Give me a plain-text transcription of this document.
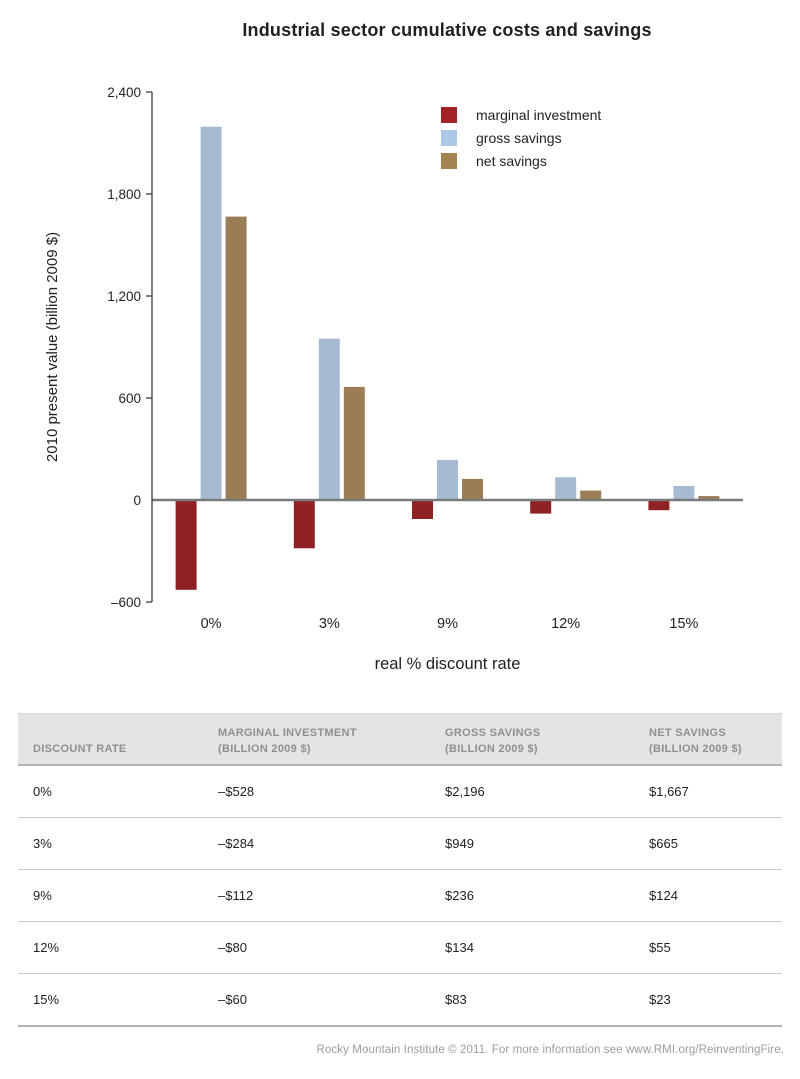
Industrial sector cumulative costs and savings
–600
0
600
1,200
1,800
2,400
0%	3%	9%	12%	15%
real % discount rate
2010 present value (billion 2009 $)
marginal investment
gross savings
net savings
DISCOUNT RATE
MARGINAL INVESTMENT
(BILLION 2009 $)
GROSS SAVINGS
(BILLION 2009 $)
NET SAVINGS
(BILLION 2009 $)
0%	–$528	$2,196	$1,667
3%	–$284	$949	$665
9%	–$112	$236	$124
12%	–$80	$134	$55
15%	–$60	$83	$23
Rocky Mountain Institute © 2011. For more information see www.RMI.org/ReinventingFire.
